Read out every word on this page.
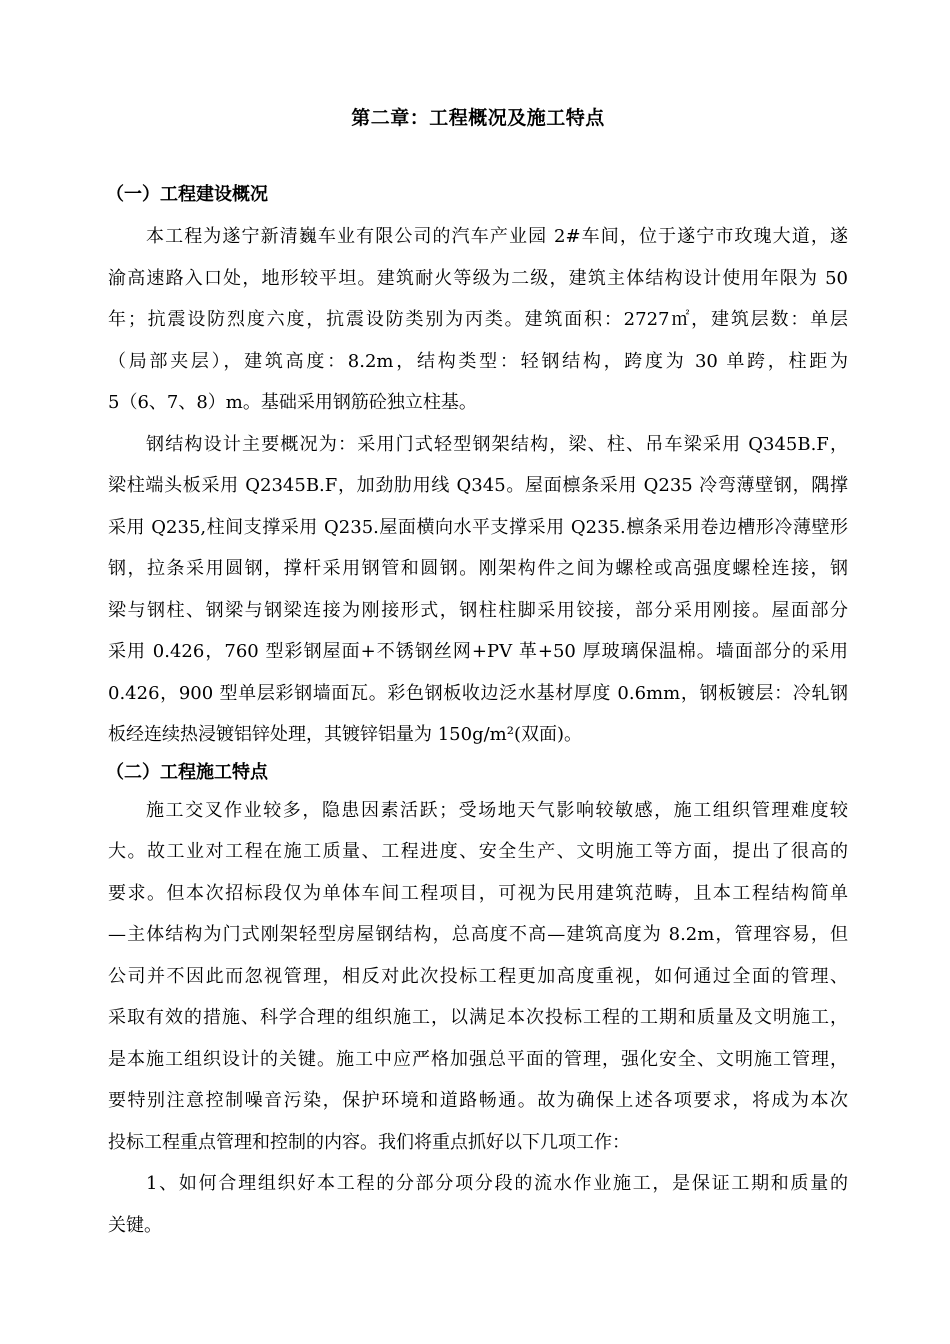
第二章：工程概况及施工特点
（一）工程建设概况
本工程为遂宁新清巍车业有限公司的汽车产业园 2#车间，位于遂宁市玫瑰大道，遂
渝高速路入口处，地形较平坦。建筑耐火等级为二级，建筑主体结构设计使用年限为 50
年；抗震设防烈度六度，抗震设防类别为丙类。建筑面积：2727㎡，建筑层数：单层
（局部夹层），建筑高度：8.2m，结构类型：轻钢结构，跨度为 30 单跨，柱距为
5（6、7、8）m。基础采用钢筋砼独立柱基。
钢结构设计主要概况为：采用门式轻型钢架结构，梁、柱、吊车梁采用 Q345B.F，
梁柱端头板采用 Q2345B.F，加劲肋用线 Q345。屋面檩条采用 Q235 冷弯薄壁钢，隅撑
采用 Q235,柱间支撑采用 Q235.屋面横向水平支撑采用 Q235.檩条采用卷边槽形冷薄壁形
钢，拉条采用圆钢，撑杆采用钢管和圆钢。刚架构件之间为螺栓或高强度螺栓连接，钢
梁与钢柱、钢梁与钢梁连接为刚接形式，钢柱柱脚采用铰接，部分采用刚接。屋面部分
采用 0.426，760 型彩钢屋面+不锈钢丝网+PV 革+50 厚玻璃保温棉。墙面部分的采用
0.426，900 型单层彩钢墙面瓦。彩色钢板收边泛水基材厚度 0.6mm，钢板镀层：冷轧钢
板经连续热浸镀铝锌处理，其镀锌铝量为 150g/m²(双面)。
（二）工程施工特点
施工交叉作业较多，隐患因素活跃；受场地天气影响较敏感，施工组织管理难度较
大。故工业对工程在施工质量、工程进度、安全生产、文明施工等方面，提出了很高的
要求。但本次招标段仅为单体车间工程项目，可视为民用建筑范畴，且本工程结构简单
—主体结构为门式刚架轻型房屋钢结构，总高度不高—建筑高度为 8.2m，管理容易，但
公司并不因此而忽视管理，相反对此次投标工程更加高度重视，如何通过全面的管理、
采取有效的措施、科学合理的组织施工，以满足本次投标工程的工期和质量及文明施工，
是本施工组织设计的关键。施工中应严格加强总平面的管理，强化安全、文明施工管理，
要特别注意控制噪音污染，保护环境和道路畅通。故为确保上述各项要求，将成为本次
投标工程重点管理和控制的内容。我们将重点抓好以下几项工作：
1、如何合理组织好本工程的分部分项分段的流水作业施工，是保证工期和质量的
关键。
